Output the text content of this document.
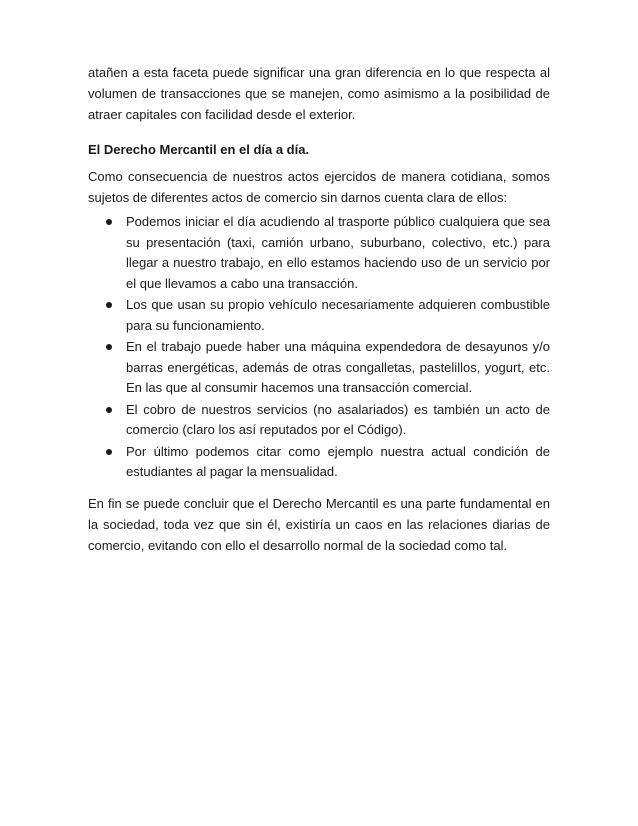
atañen a esta faceta puede significar una gran diferencia en lo que respecta al volumen de transacciones que se manejen, como asimismo a la posibilidad de atraer capitales con facilidad desde el exterior.

El Derecho Mercantil en el día a día.

Como consecuencia de nuestros actos ejercidos de manera cotidiana, somos sujetos de diferentes actos de comercio sin darnos cuenta clara de ellos:

Podemos iniciar el día acudiendo al trasporte público cualquiera que sea su presentación (taxi, camión urbano, suburbano, colectivo, etc.) para llegar a nuestro trabajo, en ello estamos haciendo uso de un servicio por el que llevamos a cabo una transacción.
Los que usan su propio vehículo necesariamente adquieren combustible para su funcionamiento.
En el trabajo puede haber una máquina expendedora de desayunos y/o barras energéticas, además de otras congalletas, pastelillos, yogurt, etc. En las que al consumir hacemos una transacción comercial.
El cobro de nuestros servicios (no asalariados) es también un acto de comercio (claro los así reputados por el Código).
Por último podemos citar como ejemplo nuestra actual condición de estudiantes al pagar la mensualidad.

En fin se puede concluir que el Derecho Mercantil es una parte fundamental en la sociedad, toda vez que sin él, existiría un caos en las relaciones diarias de comercio, evitando con ello el desarrollo normal de la sociedad como tal.
